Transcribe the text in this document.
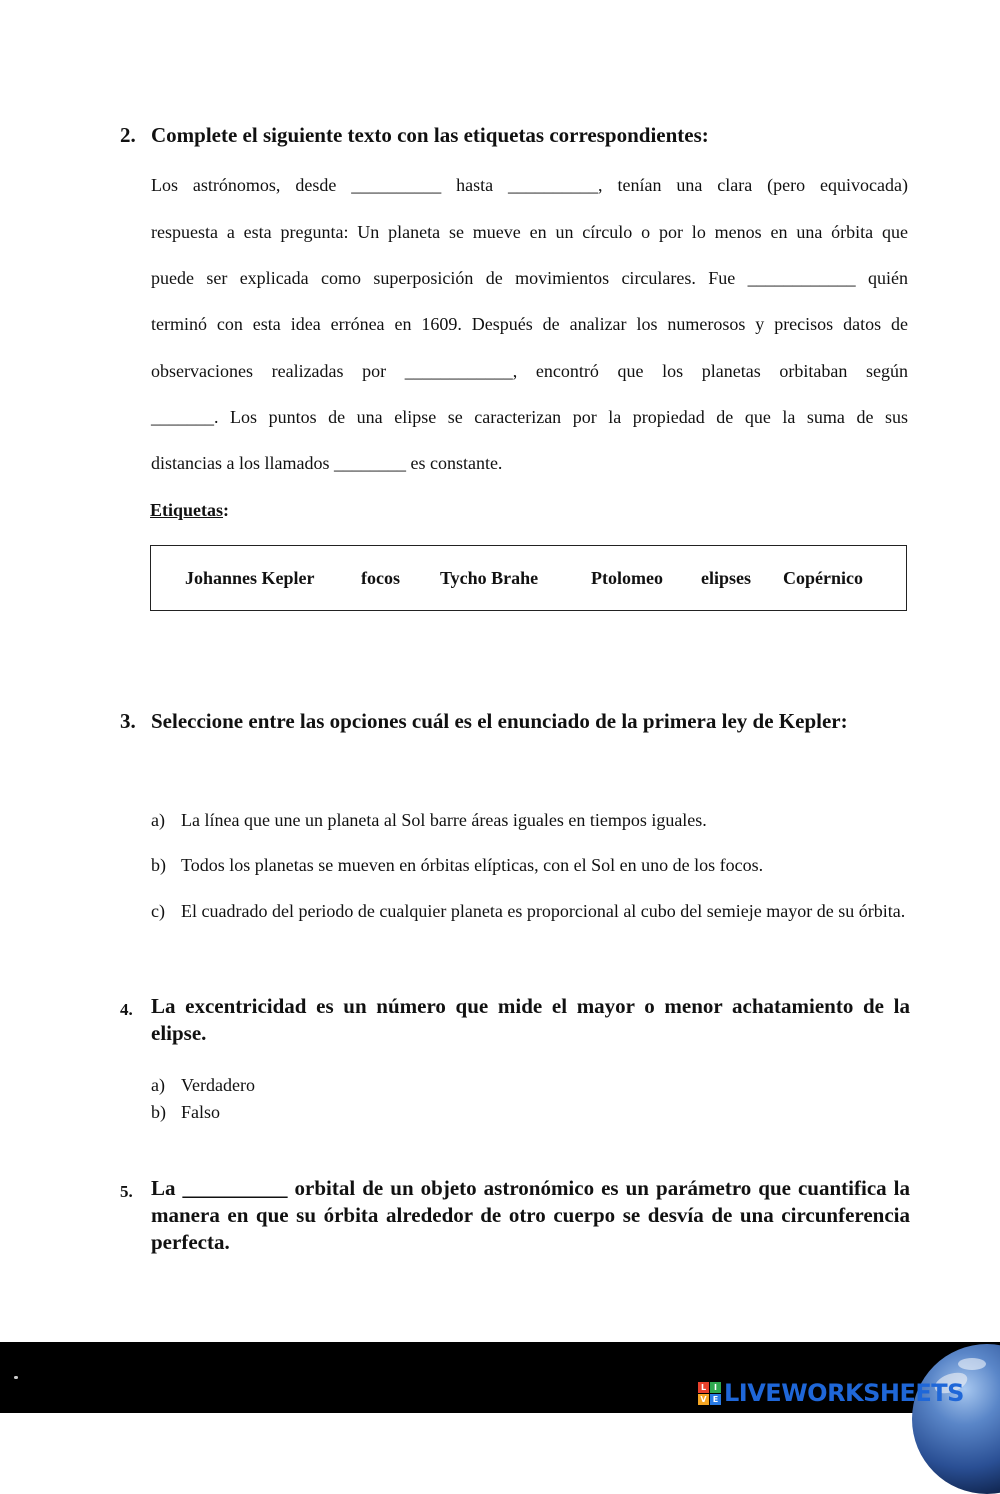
2. Complete el siguiente texto con las etiquetas correspondientes:
Los astrónomos, desde __________ hasta __________, tenían una clara (pero equivocada)
respuesta a esta pregunta: Un planeta se mueve en un círculo o por lo menos en una órbita que
puede ser explicada como superposición de movimientos circulares. Fue ____________ quién
terminó con esta idea errónea en 1609. Después de analizar los numerosos y precisos datos de
observaciones realizadas por ____________, encontró que los planetas orbitaban según
_______. Los puntos de una elipse se caracterizan por la propiedad de que la suma de sus
distancias a los llamados ________ es constante.
Etiquetas:
Johannes Kepler	focos Tycho Brahe	Ptolomeo elipses Copérnico
3. Seleccione entre las opciones cuál es el enunciado de la primera ley de Kepler:
a) La línea que une un planeta al Sol barre áreas iguales en tiempos iguales.
b) Todos los planetas se mueven en órbitas elípticas, con el Sol en uno de los focos.
c) El cuadrado del periodo de cualquier planeta es proporcional al cubo del semieje mayor de su órbita.
4. La excentricidad es un número que mide el mayor o menor achatamiento de la elipse.
a) Verdadero
b) Falso
5. La __________ orbital de un objeto astronómico es un parámetro que cuantifica la manera en que su órbita alrededor de otro cuerpo se desvía de una circunferencia perfecta.
L I
V E LIVEWORKSHEETS
